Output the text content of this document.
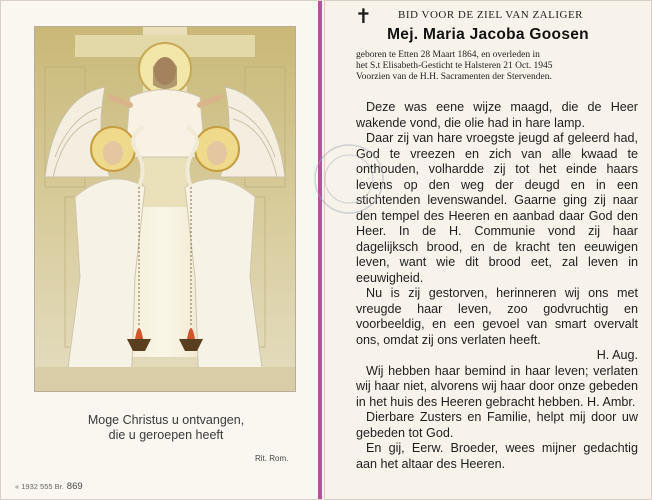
Moge Christus u ontvangen,
die u geroepen heeft
Rit. Rom.
« 1932 555 Br. 869
✝ BID VOOR DE ZIEL VAN ZALIGER
Mej. Maria Jacoba Goosen
geboren te Etten 28 Maart 1864, en overleden in
het S.t Elisabeth-Gesticht te Halsteren 21 Oct. 1945
Voorzien van de H.H. Sacramenten der Stervenden.

Deze was eene wijze maagd, die de Heer wakende vond, die olie had in hare lamp.

Daar zij van hare vroegste jeugd af geleerd had, God te vreezen en zich van alle kwaad te onthouden, volhardde zij tot het einde haars levens op den weg der deugd en in een stichtenden levenswandel. Gaarne ging zij naar den tempel des Heeren en aanbad daar God den Heer. In de H. Communie vond zij haar dagelijksch brood, en de kracht ten eeuwigen leven, want wie dit brood eet, zal leven in eeuwigheid.

Nu is zij gestorven, herinneren wij ons met vreugde haar leven, zoo godvruchtig en voorbeeldig, en een gevoel van smart overvalt ons, omdat zij ons verlaten heeft.

H. Aug.

Wij hebben haar bemind in haar leven; verlaten wij haar niet, alvorens wij haar door onze gebeden in het huis des Heeren gebracht hebben. H. Ambr.

Dierbare Zusters en Familie, helpt mij door uw gebeden tot God.

En gij, Eerw. Broeder, wees mijner gedachtig aan het altaar des Heeren.
